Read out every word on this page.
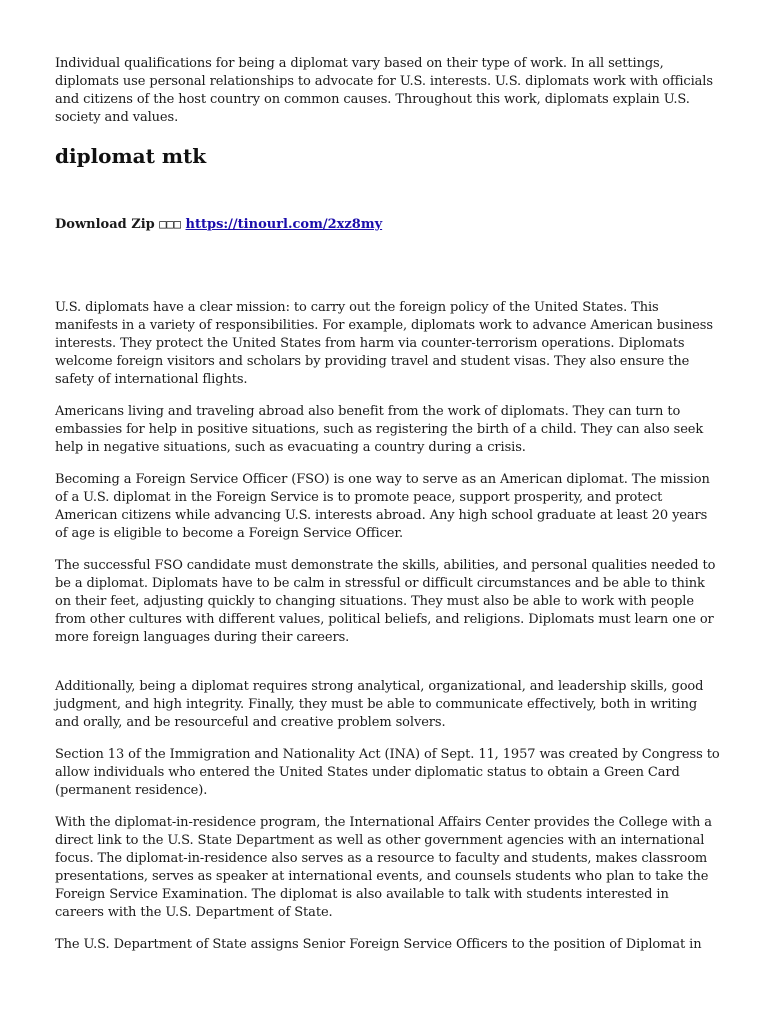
Individual qualifications for being a diplomat vary based on their type of work. In all settings, diplomats use personal relationships to advocate for U.S. interests. U.S. diplomats work with officials and citizens of the host country on common causes. Throughout this work, diplomats explain U.S. society and values.

diplomat mtk
Download Zip □□□ https://tinourl.com/2xz8my

U.S. diplomats have a clear mission: to carry out the foreign policy of the United States. This manifests in a variety of responsibilities. For example, diplomats work to advance American business interests. They protect the United States from harm via counter-terrorism operations. Diplomats welcome foreign visitors and scholars by providing travel and student visas. They also ensure the safety of international flights.

Americans living and traveling abroad also benefit from the work of diplomats. They can turn to embassies for help in positive situations, such as registering the birth of a child. They can also seek help in negative situations, such as evacuating a country during a crisis.

Becoming a Foreign Service Officer (FSO) is one way to serve as an American diplomat. The mission of a U.S. diplomat in the Foreign Service is to promote peace, support prosperity, and protect American citizens while advancing U.S. interests abroad. Any high school graduate at least 20 years of age is eligible to become a Foreign Service Officer.

The successful FSO candidate must demonstrate the skills, abilities, and personal qualities needed to be a diplomat. Diplomats have to be calm in stressful or difficult circumstances and be able to think on their feet, adjusting quickly to changing situations. They must also be able to work with people from other cultures with different values, political beliefs, and religions. Diplomats must learn one or more foreign languages during their careers.

Additionally, being a diplomat requires strong analytical, organizational, and leadership skills, good judgment, and high integrity. Finally, they must be able to communicate effectively, both in writing and orally, and be resourceful and creative problem solvers.

Section 13 of the Immigration and Nationality Act (INA) of Sept. 11, 1957 was created by Congress to allow individuals who entered the United States under diplomatic status to obtain a Green Card (permanent residence).

With the diplomat-in-residence program, the International Affairs Center provides the College with a direct link to the U.S. State Department as well as other government agencies with an international focus. The diplomat-in-residence also serves as a resource to faculty and students, makes classroom presentations, serves as speaker at international events, and counsels students who plan to take the Foreign Service Examination. The diplomat is also available to talk with students interested in careers with the U.S. Department of State.

The U.S. Department of State assigns Senior Foreign Service Officers to the position of Diplomat in
